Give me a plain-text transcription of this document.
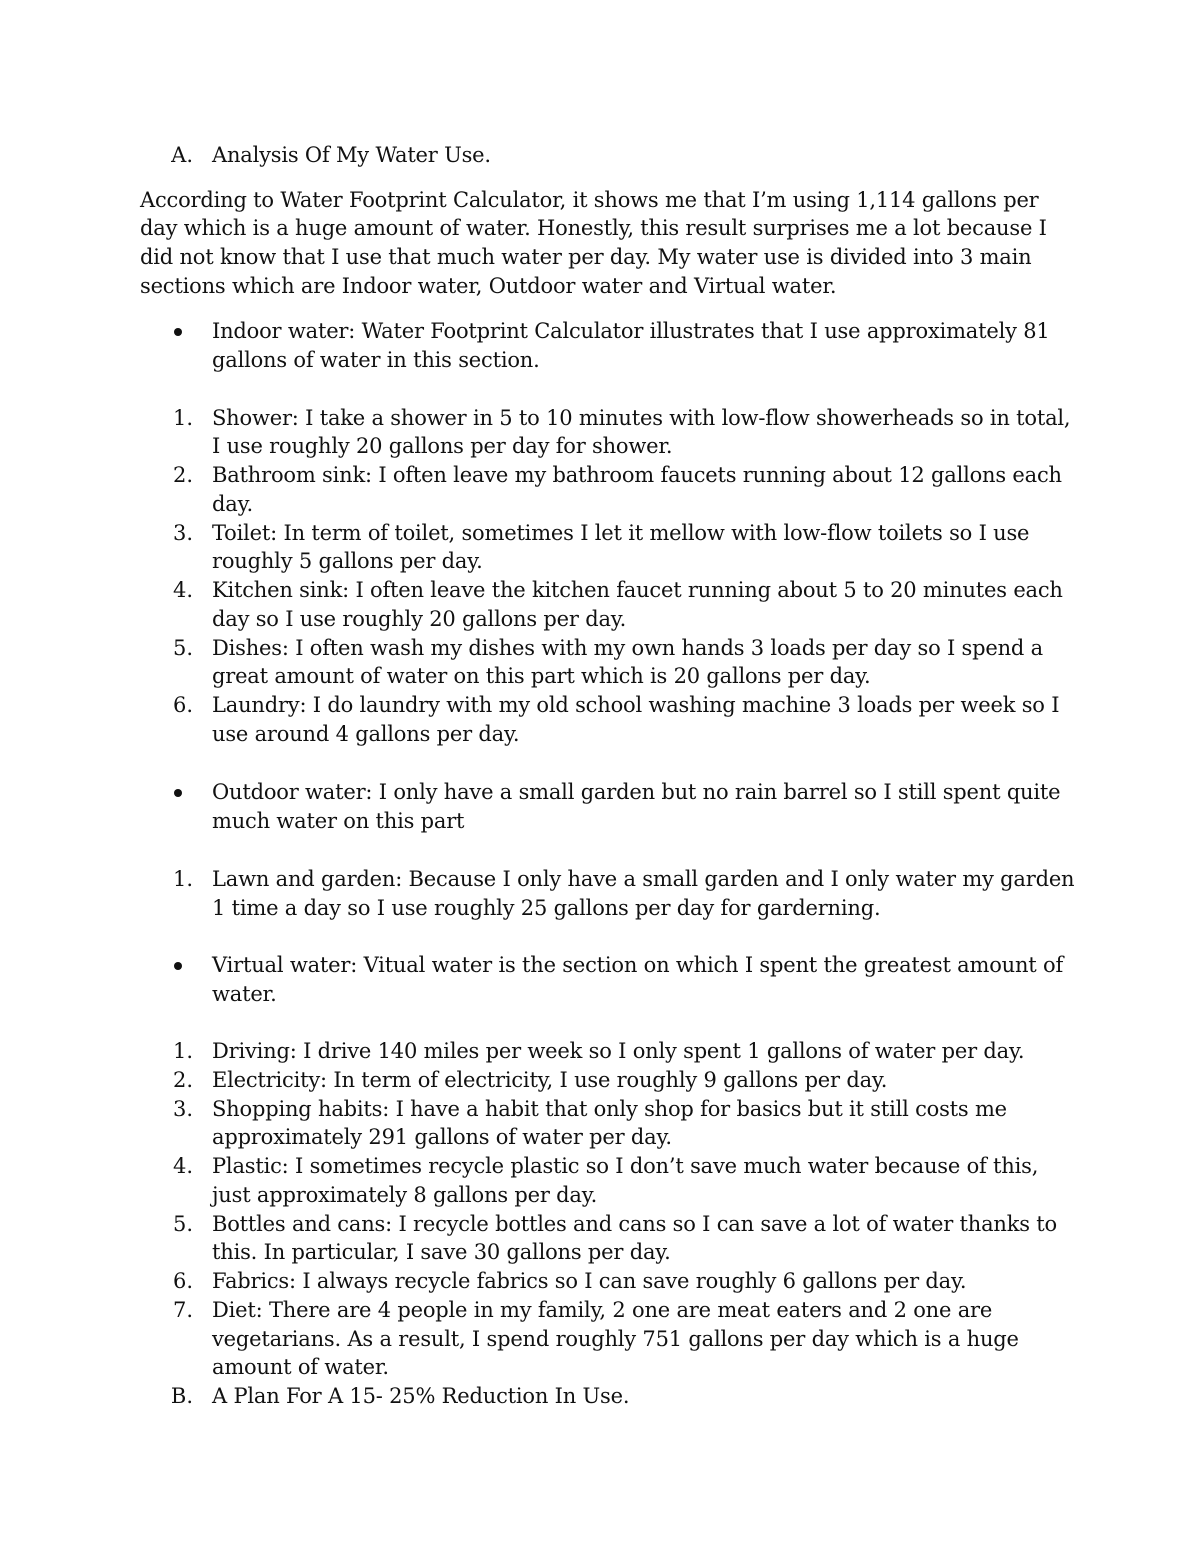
A. Analysis Of My Water Use.
According to Water Footprint Calculator, it shows me that I’m using 1,114 gallons per
day which is a huge amount of water. Honestly, this result surprises me a lot because I
did not know that I use that much water per day. My water use is divided into 3 main
sections which are Indoor water, Outdoor water and Virtual water.
Indoor water: Water Footprint Calculator illustrates that I use approximately 81
gallons of water in this section.
1. Shower: I take a shower in 5 to 10 minutes with low-flow showerheads so in total,
I use roughly 20 gallons per day for shower.
2. Bathroom sink: I often leave my bathroom faucets running about 12 gallons each
day.
3. Toilet: In term of toilet, sometimes I let it mellow with low-flow toilets so I use
roughly 5 gallons per day.
4. Kitchen sink: I often leave the kitchen faucet running about 5 to 20 minutes each
day so I use roughly 20 gallons per day.
5. Dishes: I often wash my dishes with my own hands 3 loads per day so I spend a
great amount of water on this part which is 20 gallons per day.
6. Laundry: I do laundry with my old school washing machine 3 loads per week so I
use around 4 gallons per day.
Outdoor water: I only have a small garden but no rain barrel so I still spent quite
much water on this part
1. Lawn and garden: Because I only have a small garden and I only water my garden
1 time a day so I use roughly 25 gallons per day for garderning.
Virtual water: Vitual water is the section on which I spent the greatest amount of
water.
1. Driving: I drive 140 miles per week so I only spent 1 gallons of water per day.
2. Electricity: In term of electricity, I use roughly 9 gallons per day.
3. Shopping habits: I have a habit that only shop for basics but it still costs me
approximately 291 gallons of water per day.
4. Plastic: I sometimes recycle plastic so I don’t save much water because of this,
just approximately 8 gallons per day.
5. Bottles and cans: I recycle bottles and cans so I can save a lot of water thanks to
this. In particular, I save 30 gallons per day.
6. Fabrics: I always recycle fabrics so I can save roughly 6 gallons per day.
7. Diet: There are 4 people in my family, 2 one are meat eaters and 2 one are
vegetarians. As a result, I spend roughly 751 gallons per day which is a huge
amount of water.
B. A Plan For A 15- 25% Reduction In Use.
